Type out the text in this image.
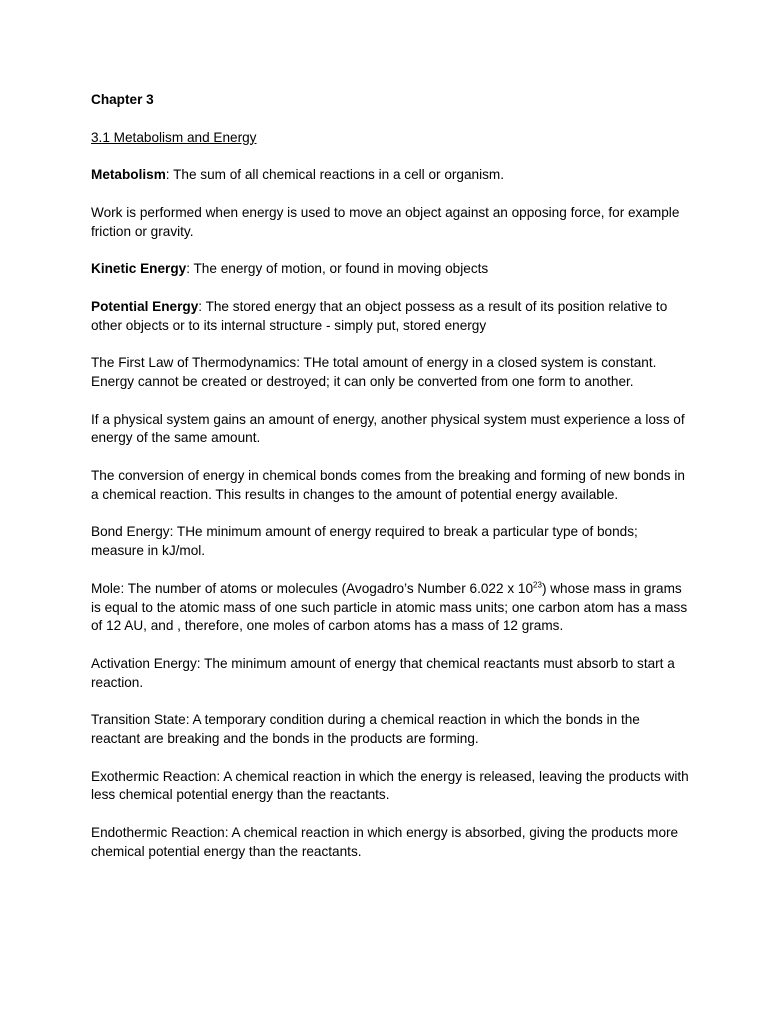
Chapter 3

3.1 Metabolism and Energy

Metabolism: The sum of all chemical reactions in a cell or organism.

Work is performed when energy is used to move an object against an opposing force, for example friction or gravity.

Kinetic Energy: The energy of motion, or found in moving objects

Potential Energy: The stored energy that an object possess as a result of its position relative to other objects or to its internal structure - simply put, stored energy

The First Law of Thermodynamics: THe total amount of energy in a closed system is constant. Energy cannot be created or destroyed; it can only be converted from one form to another.

If a physical system gains an amount of energy, another physical system must experience a loss of energy of the same amount.

The conversion of energy in chemical bonds comes from the breaking and forming of new bonds in a chemical reaction. This results in changes to the amount of potential energy available.

Bond Energy: THe minimum amount of energy required to break a particular type of bonds; measure in kJ/mol.

Mole: The number of atoms or molecules (Avogadro’s Number 6.022 x $10^{23}$) whose mass in grams is equal to the atomic mass of one such particle in atomic mass units; one carbon atom has a mass of 12 AU, and , therefore, one moles of carbon atoms has a mass of 12 grams.

Activation Energy: The minimum amount of energy that chemical reactants must absorb to start a reaction.

Transition State: A temporary condition during a chemical reaction in which the bonds in the reactant are breaking and the bonds in the products are forming.

Exothermic Reaction: A chemical reaction in which the energy is released, leaving the products with less chemical potential energy than the reactants.

Endothermic Reaction: A chemical reaction in which energy is absorbed, giving the products more chemical potential energy than the reactants.
